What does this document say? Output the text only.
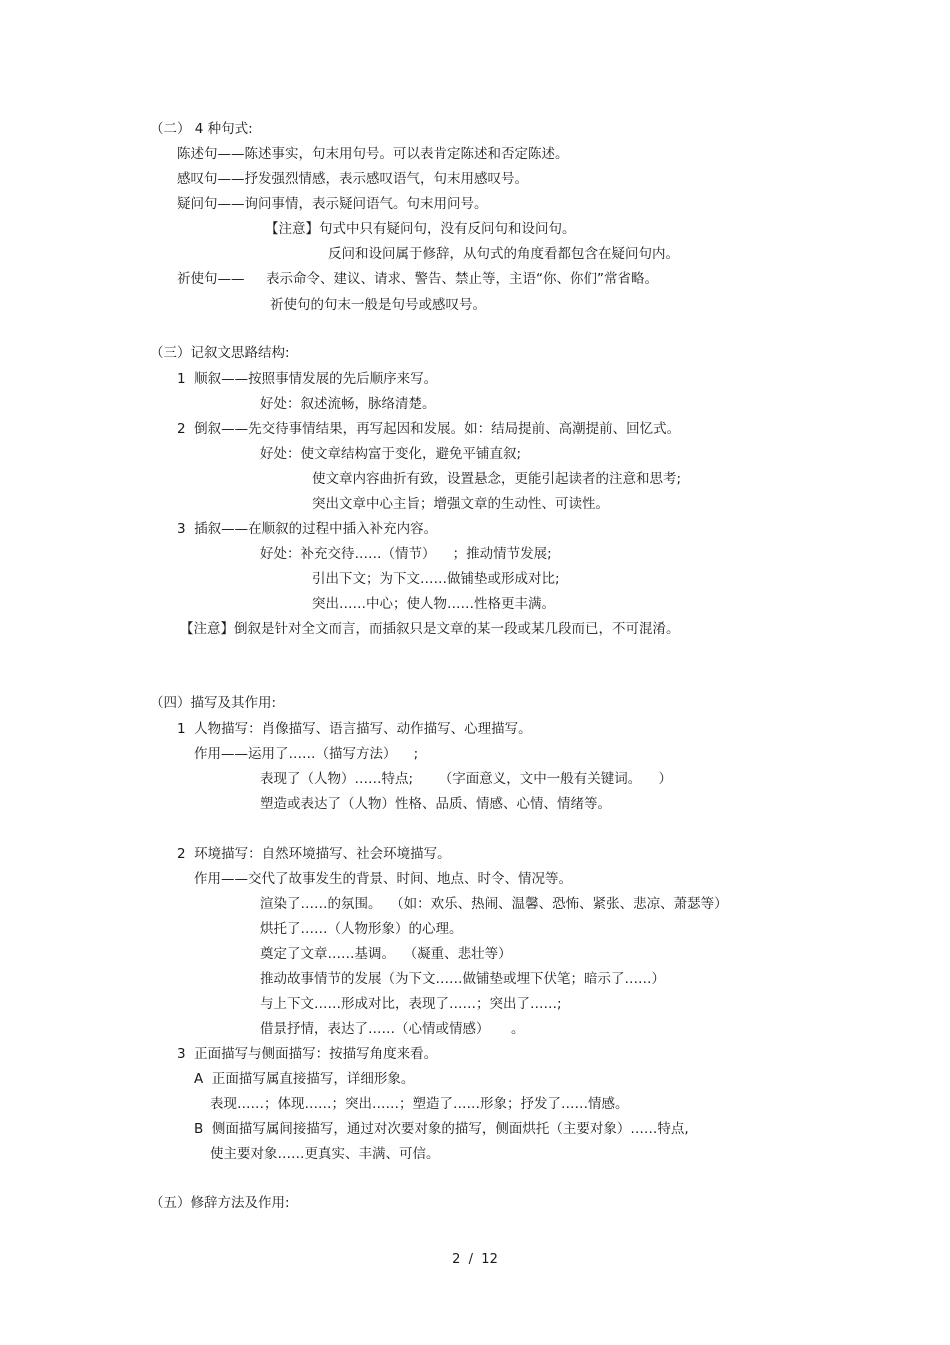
（二） 4 种句式:
陈述句——陈述事实，句末用句号。可以表肯定陈述和否定陈述。
感叹句——抒发强烈情感，表示感叹语气，句末用感叹号。
疑问句——询问事情，表示疑问语气。句末用问号。
【注意】句式中只有疑问句，没有反问句和设问句。
反问和设问属于修辞，从句式的角度看都包含在疑问句内。
祈使句——     表示命令、建议、请求、警告、禁止等，主语“你、你们”常省略。
祈使句的句末一般是句号或感叹号。
（三）记叙文思路结构:
1  顺叙——按照事情发展的先后顺序来写。
好处：叙述流畅，脉络清楚。
2  倒叙——先交待事情结果，再写起因和发展。如：结局提前、高潮提前、回忆式。
好处：使文章结构富于变化，避免平铺直叙;
使文章内容曲折有致，设置悬念，更能引起读者的注意和思考;
突出文章中心主旨；增强文章的生动性、可读性。
3  插叙——在顺叙的过程中插入补充内容。
好处：补充交待……（情节）    ；推动情节发展;
引出下文；为下文……做铺垫或形成对比;
突出……中心；使人物……性格更丰满。
【注意】倒叙是针对全文而言，而插叙只是文章的某一段或某几段而已，不可混淆。
（四）描写及其作用:
1  人物描写：肖像描写、语言描写、动作描写、心理描写。
作用——运用了……（描写方法）    ;
表现了（人物）……特点;      （字面意义，文中一般有关键词。    ）
塑造或表达了（人物）性格、品质、情感、心情、情绪等。
2  环境描写：自然环境描写、社会环境描写。
作用——交代了故事发生的背景、时间、地点、时令、情况等。
渲染了……的氛围。  （如：欢乐、热闹、温馨、恐怖、紧张、悲凉、萧瑟等）
烘托了……（人物形象）的心理。
奠定了文章……基调。  （凝重、悲壮等）
推动故事情节的发展（为下文……做铺垫或埋下伏笔；暗示了……）
与上下文……形成对比，表现了……；突出了……;
借景抒情，表达了……（心情或情感）     。
3  正面描写与侧面描写：按描写角度来看。
A  正面描写属直接描写，详细形象。
表现……；体现……；突出……；塑造了……形象；抒发了……情感。
B  侧面描写属间接描写，通过对次要对象的描写，侧面烘托（主要对象）……特点,
使主要对象……更真实、丰满、可信。
（五）修辞方法及作用:
2  /  12
